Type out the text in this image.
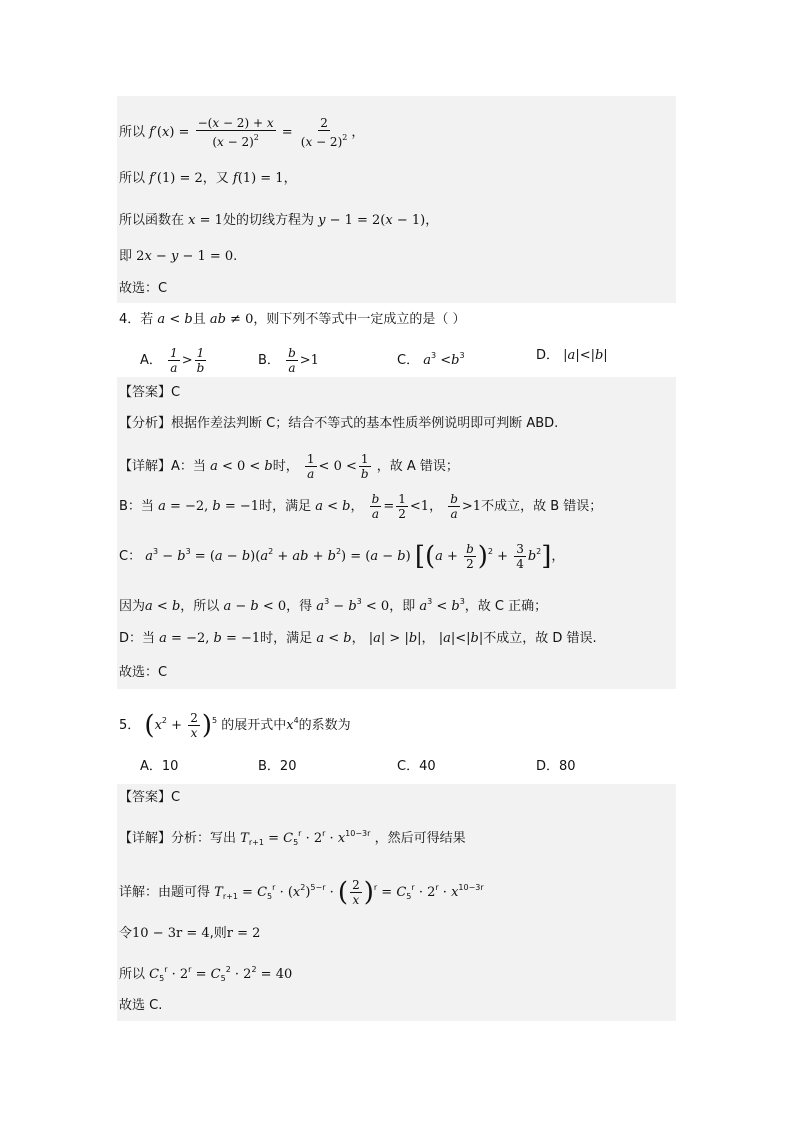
所以 $f'(x) = \frac{-(x - 2) + x}{(x - 2)^2} = \frac{2}{(x - 2)^2}$ ，
所以 f′(1) = 2，又 f(1) = 1，
所以函数在 x = 1处的切线方程为 y − 1 = 2(x − 1)，
即 2x − y − 1 = 0.
故选：C
4．若 a < b且 ab ≠ 0，则下列不等式中一定成立的是（ ）
A． $\frac{1}{a} > \frac{1}{b}$	B． $\frac{b}{a} >1$	C． $a^3 <b^3$	D． |a|<|b|
【答案】C
【分析】根据作差法判断 C；结合不等式的基本性质举例说明即可判断 ABD.
【详解】A：当 a < 0 < b时， $\frac{1}{a} < 0 < \frac{1}{b}$ ，故 A 错误；
B：当 a = −2, b = −1时，满足 a < b， $\frac{b}{a} = \frac{1}{2} <1$， $\frac{b}{a} >1$不成立，故 B 错误；
C： $a^3 - b^3 = (a - b)(a^2$ + ab + $b^2) = (a - b)$ $[(a + \frac{b}{2} )^2 + \frac{3}{4} b^2]$，
因为a < b，所以 a − b < 0，得 $a^3 - b^3 < 0$，即 $a^3 < b^3$，故 C 正确；
D：当 a = −2, b = −1时，满足 a < b， |a| > |b|， |a|<|b|不成立，故 D 错误.
故选：C
5． $(x^2 + \frac{2}{x} )^5$ 的展开式中$x^4$的系数为
A．10	B．20	C．40	D．80
【答案】C
【详解】分析：写出 $T_{r+1} = C_5^r \cdot 2^r \cdot x^{10-3r}$ ，然后可得结果
详解：由题可得 $T_{r+1} = C_5^r \cdot (x^2)^{5-r}$ · ( $\frac{2}{x} )^r = C_5^r \cdot 2^r \cdot x^{10-3r}$
令10 − 3r = 4,则r = 2
所以 $C_5^r \cdot 2^r = C_5^2 \cdot 2^2 = 40$
故选 C.
